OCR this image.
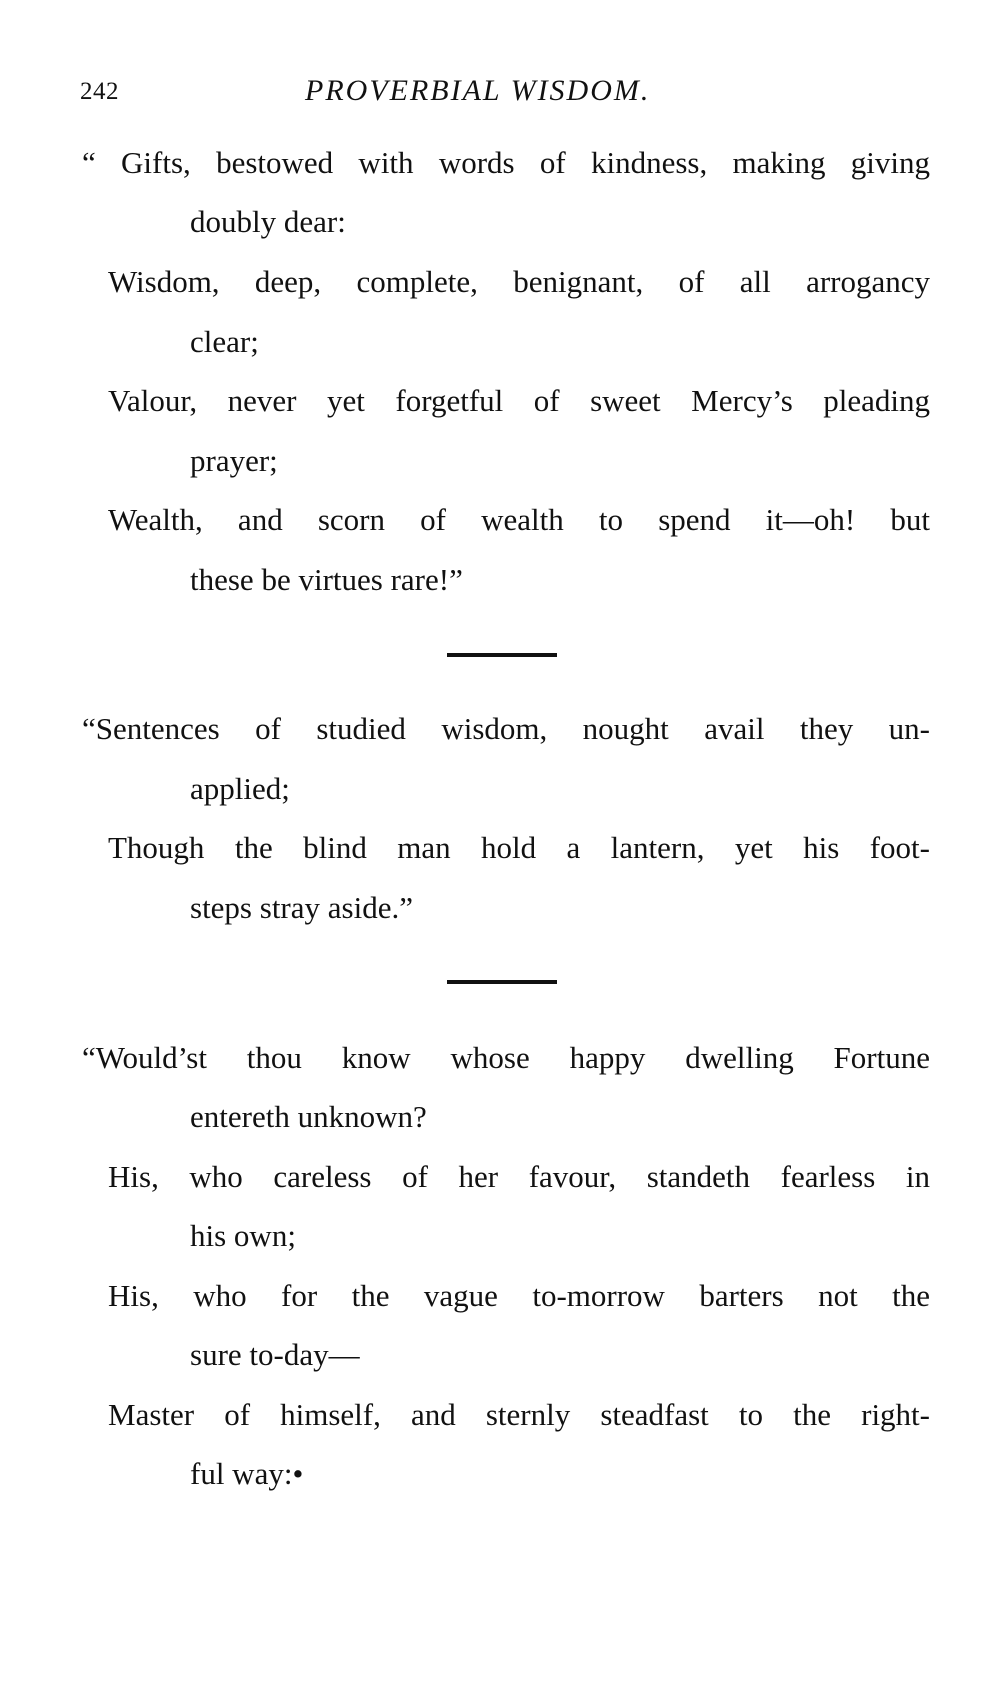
242	PROVERBIAL WISDOM.
“ Gifts, bestowed with words of kindness, making giving
doubly dear:
Wisdom, deep, complete, benignant, of all arrogancy
clear;
Valour, never yet forgetful of sweet Mercy’s pleading
prayer;
Wealth, and scorn of wealth to spend it—oh! but
these be virtues rare!”
“Sentences of studied wisdom, nought avail they un-
applied;
Though the blind man hold a lantern, yet his foot-
steps stray aside.”
“Would’st thou know whose happy dwelling Fortune
entereth unknown?
His, who careless of her favour, standeth fearless in
his own;
His, who for the vague to-morrow barters not the
sure to-day—
Master of himself, and sternly steadfast to the right-
ful way:•
